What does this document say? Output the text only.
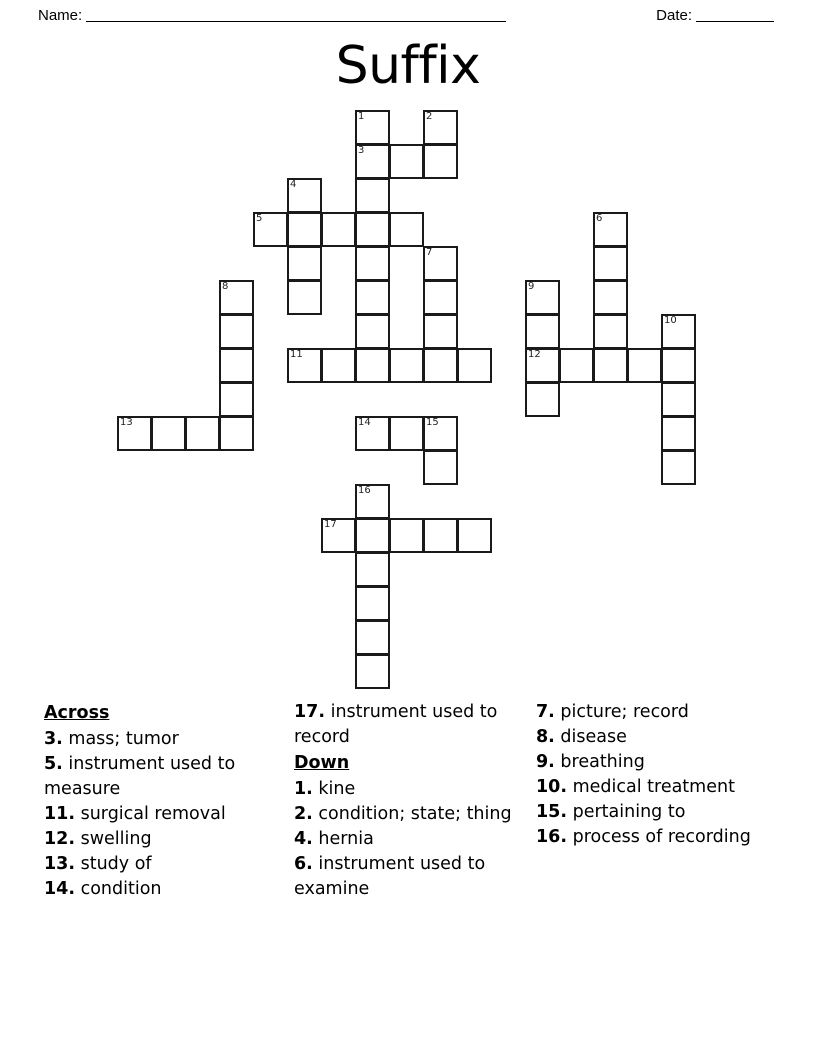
Name:	Date:
Suffix
1	2
3
4
5	6
7
8	9
10
11	12
13	14	15
16
17
Across
3. mass; tumor
5. instrument used to measure
11. surgical removal
12. swelling
13. study of
14. condition
17. instrument used to record
Down
1. kine
2. condition; state; thing
4. hernia
6. instrument used to examine
7. picture; record
8. disease
9. breathing
10. medical treatment
15. pertaining to
16. process of recording
